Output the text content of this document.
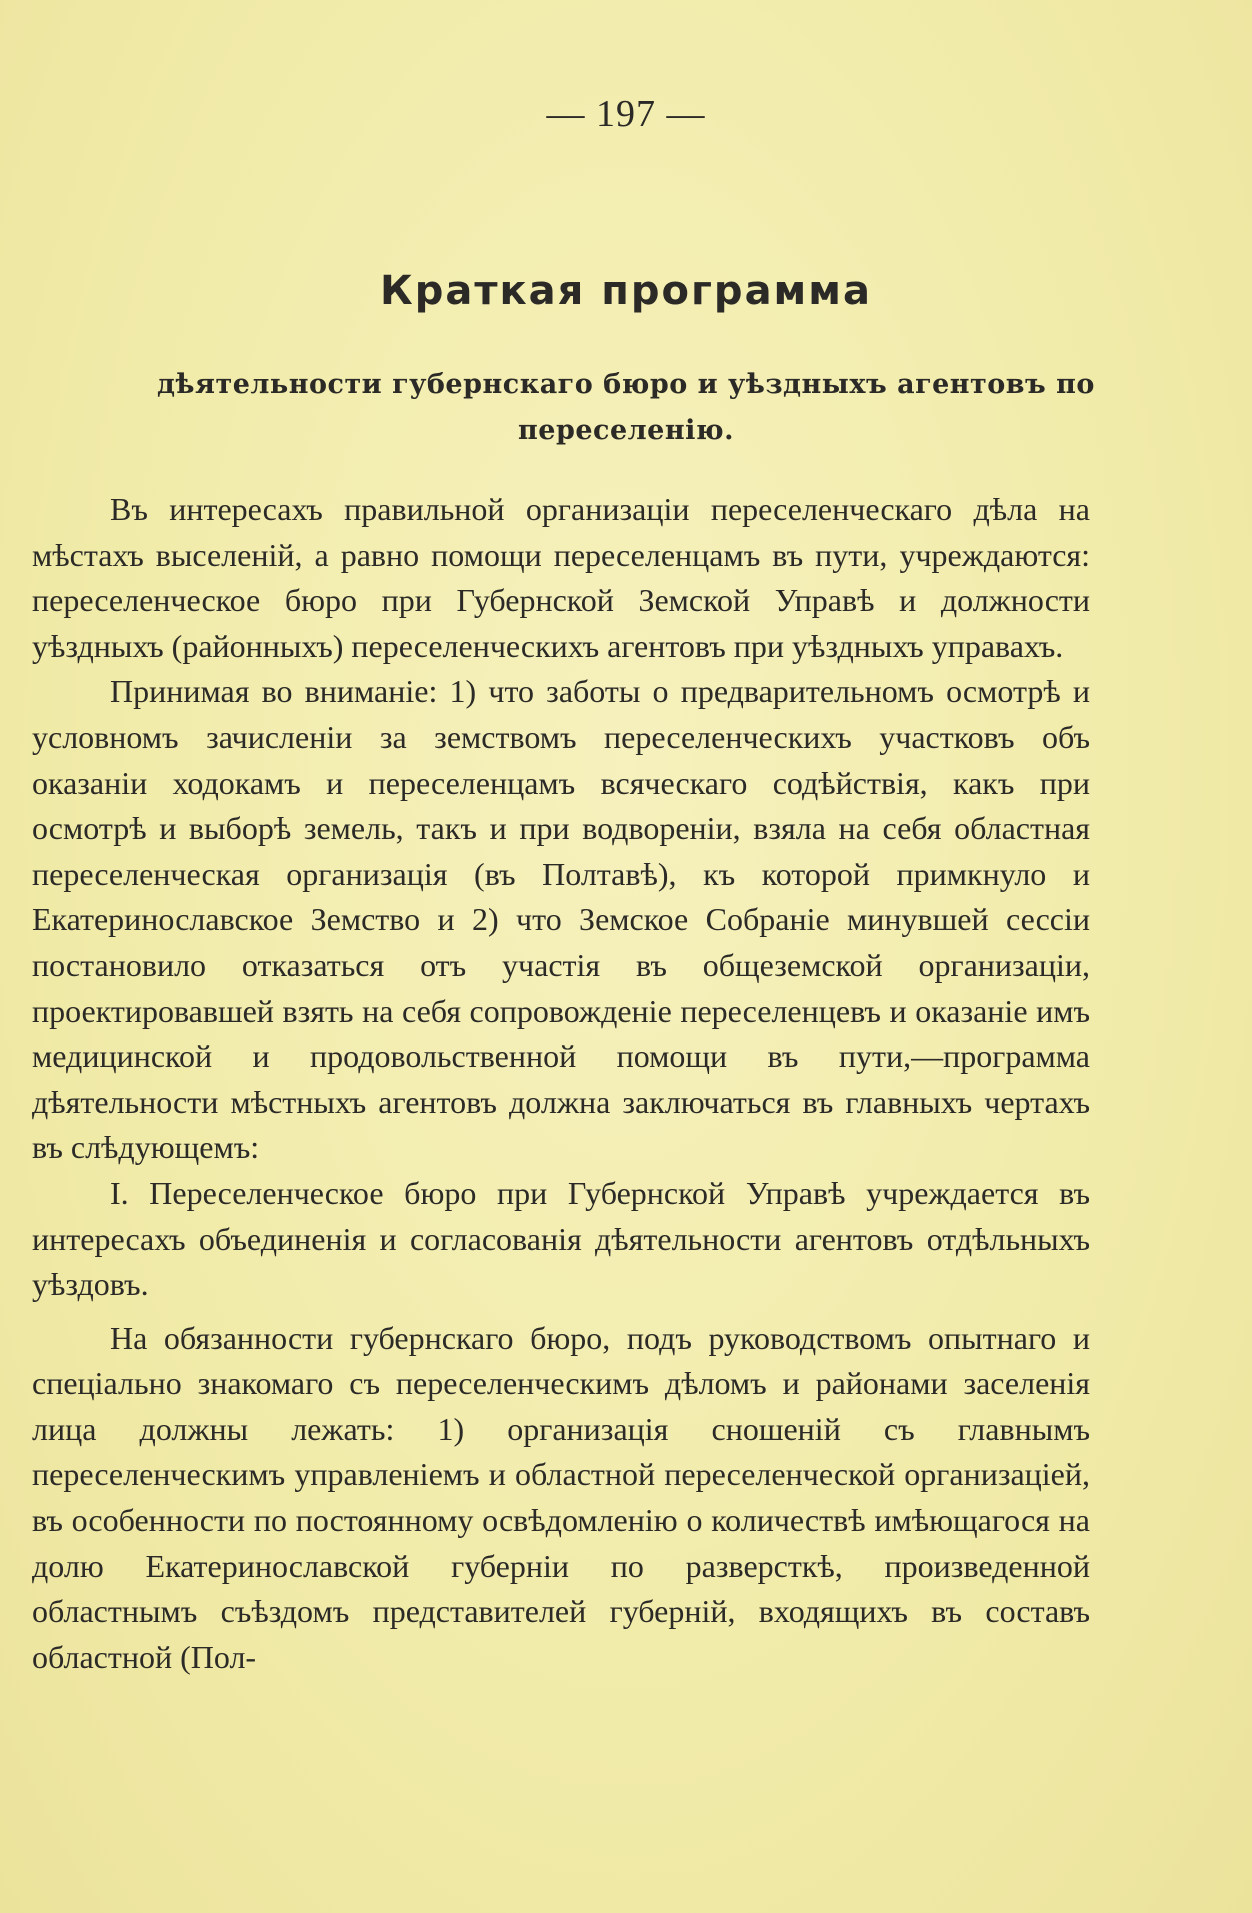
— 197 —
Краткая программа
дѣятельности губернскаго бюро и уѣздныхъ агентовъ по переселенію.

Въ интересахъ правильной организаціи переселенческаго дѣла на мѣстахъ выселеній, а равно помощи переселенцамъ въ пути, учреждаются: переселенческое бюро при Губернской Земской Управѣ и должности уѣздныхъ (районныхъ) переселенческихъ агентовъ при уѣздныхъ управахъ.

Принимая во вниманіе: 1) что заботы о предварительномъ осмотрѣ и условномъ зачисленіи за земствомъ переселенческихъ участковъ объ оказаніи ходокамъ и переселенцамъ всяческаго содѣйствія, какъ при осмотрѣ и выборѣ земель, такъ и при водвореніи, взяла на себя областная переселенческая организація (въ Полтавѣ), къ которой примкнуло и Екатеринославское Земство и 2) что Земское Собраніе минувшей сессіи постановило отказаться отъ участія въ общеземской организаціи, проектировавшей взять на себя сопровожденіе переселенцевъ и оказаніе имъ медицинской и продовольственной помощи въ пути,—программа дѣятельности мѣстныхъ агентовъ должна заключаться въ главныхъ чертахъ въ слѣдующемъ:

I. Переселенческое бюро при Губернской Управѣ учреждается въ интересахъ объединенія и согласованія дѣятельности агентовъ отдѣльныхъ уѣздовъ.

На обязанности губернскаго бюро, подъ руководствомъ опытнаго и спеціально знакомаго съ переселенческимъ дѣломъ и районами заселенія лица должны лежать: 1) организація сношеній съ главнымъ переселенческимъ управленіемъ и областной переселенческой организаціей, въ особенности по постоянному освѣдомленію о количествѣ имѣющагося на долю Екатеринославской губерніи по разверсткѣ, произведенной областнымъ съѣздомъ представителей губерній, входящихъ въ составъ областной (Пол-
